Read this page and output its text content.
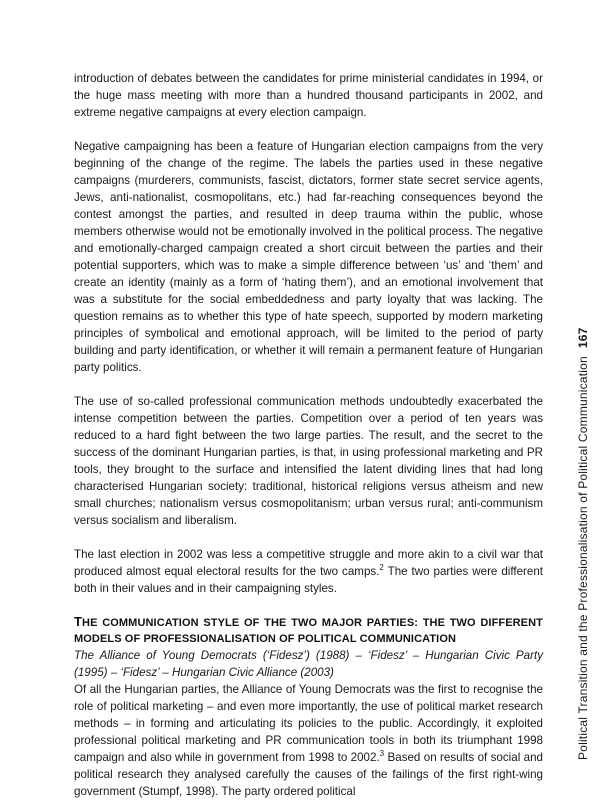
introduction of debates between the candidates for prime ministerial candidates in 1994, or the huge mass meeting with more than a hundred thousand participants in 2002, and extreme negative campaigns at every election campaign.

Negative campaigning has been a feature of Hungarian election campaigns from the very beginning of the change of the regime. The labels the parties used in these negative campaigns (murderers, communists, fascist, dictators, former state secret service agents, Jews, anti-nationalist, cosmopolitans, etc.) had far-reaching consequences beyond the contest amongst the parties, and resulted in deep trauma within the public, whose members otherwise would not be emotionally involved in the political process. The negative and emotionally-charged campaign created a short circuit between the parties and their potential supporters, which was to make a simple difference between ‘us’ and ‘them’ and create an identity (mainly as a form of ‘hating them’), and an emotional involvement that was a substitute for the social embeddedness and party loyalty that was lacking. The question remains as to whether this type of hate speech, supported by modern marketing principles of symbolical and emotional approach, will be limited to the period of party building and party identification, or whether it will remain a permanent feature of Hungarian party politics.

The use of so-called professional communication methods undoubtedly exacerbated the intense competition between the parties. Competition over a period of ten years was reduced to a hard fight between the two large parties. The result, and the secret to the success of the dominant Hungarian parties, is that, in using professional marketing and PR tools, they brought to the surface and intensified the latent dividing lines that had long characterised Hungarian society: traditional, historical religions versus atheism and new small churches; nationalism versus cosmopolitanism; urban versus rural; anti-communism versus socialism and liberalism.

The last election in 2002 was less a competitive struggle and more akin to a civil war that produced almost equal electoral results for the two camps.$^2$ The two parties were different both in their values and in their campaigning styles.

THE COMMUNICATION STYLE OF THE TWO MAJOR PARTIES: THE TWO DIFFERENT MODELS OF PROFESSIONALISATION OF POLITICAL COMMUNICATION

The Alliance of Young Democrats (‘Fidesz’) (1988) – ‘Fidesz’ – Hungarian Civic Party (1995) – ‘Fidesz’ – Hungarian Civic Alliance (2003)

Of all the Hungarian parties, the Alliance of Young Democrats was the first to recognise the role of political marketing – and even more importantly, the use of political market research methods – in forming and articulating its policies to the public. Accordingly, it exploited professional political marketing and PR communication tools in both its triumphant 1998 campaign and also while in government from 1998 to 2002.$^3$ Based on results of social and political research they analysed carefully the causes of the failings of the first right-wing government (Stumpf, 1998). The party ordered political

Political Transition and the Professionalisation of Political Communication167
